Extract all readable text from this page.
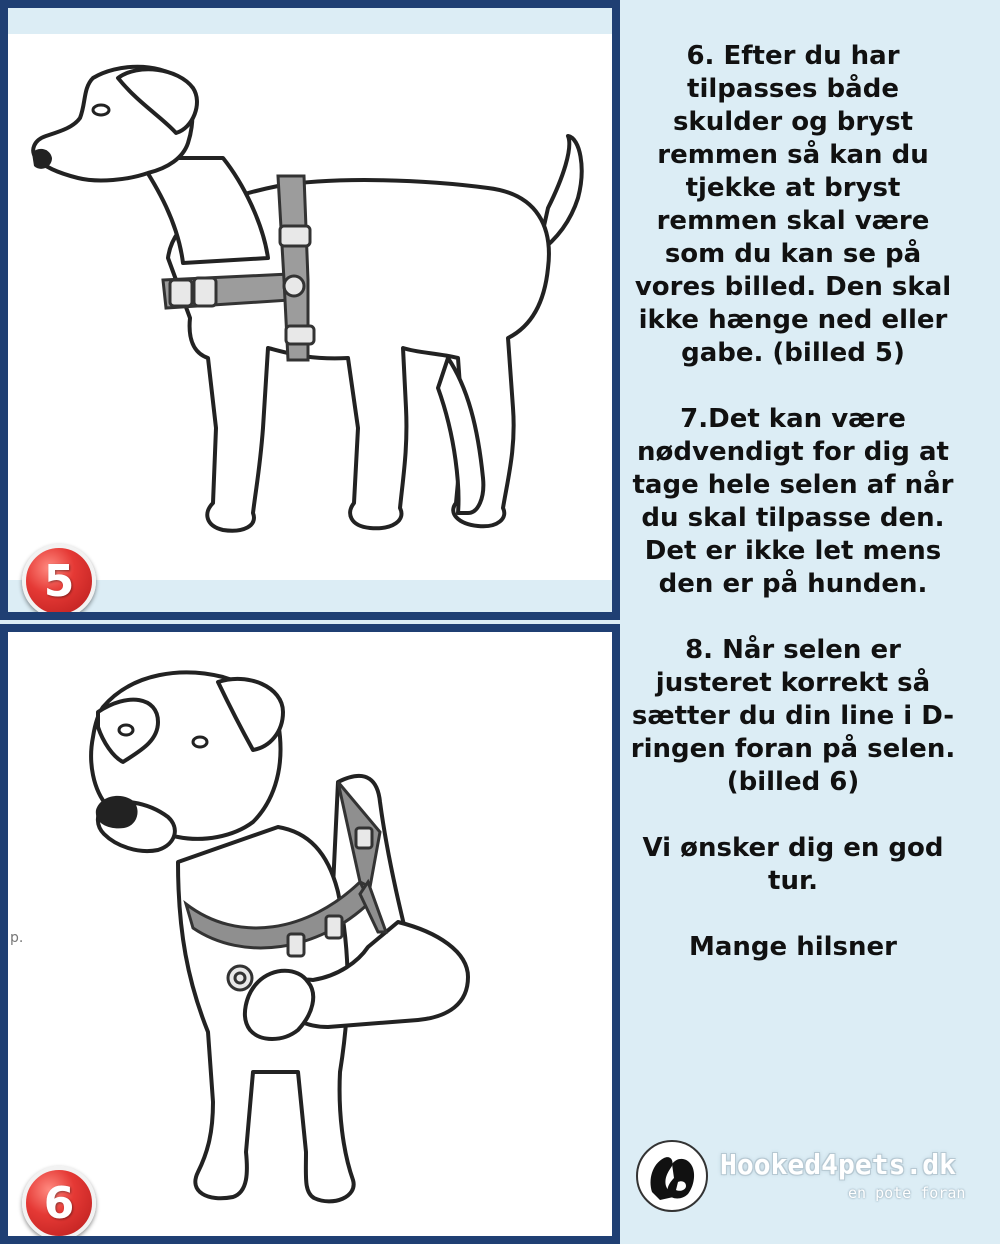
5
p.
6

6. Efter du har tilpasses både skulder og bryst remmen så kan du tjekke at bryst remmen skal være som du kan se på vores billed. Den skal ikke hænge ned eller gabe. (billed 5)

7.Det kan være nødvendigt for dig at tage hele selen af når du skal tilpasse den. Det er ikke let mens den er på hunden.

8. Når selen er justeret korrekt så sætter du din line i D-ringen foran på selen. (billed 6)

Vi ønsker dig en god tur.

Mange hilsner

Hooked4pets.dk
en pote foran
